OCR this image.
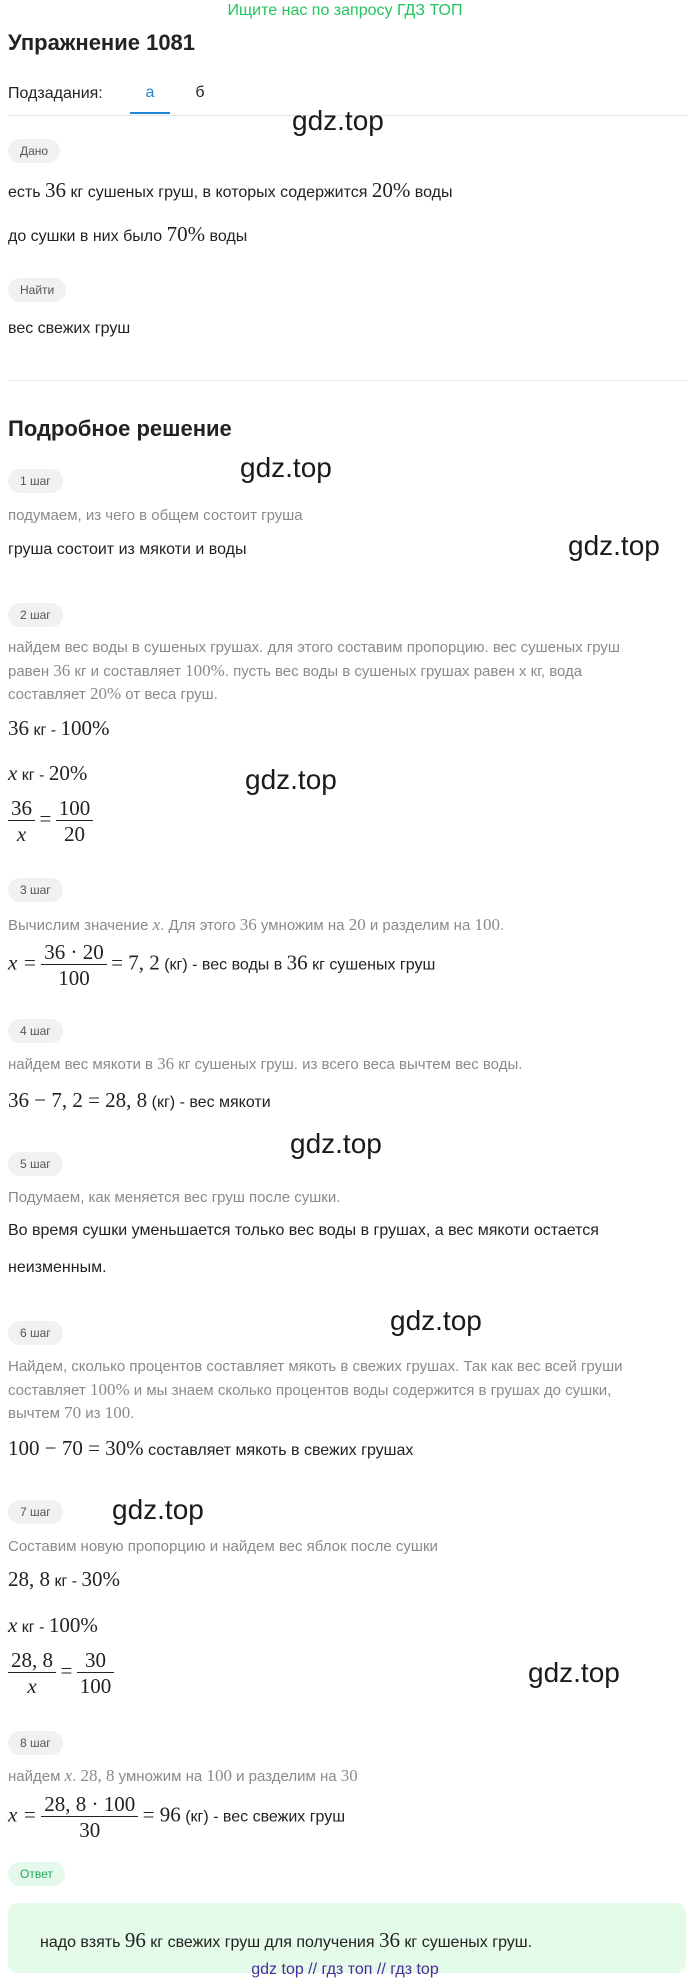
Ищите нас по запросу ГДЗ ТОП
Упражнение 1081
Подзадания:	а	б
Дано
есть 36 кг сушеных груш, в которых содержится 20% воды
до сушки в них было 70% воды
Найти
вес свежих груш
Подробное решение
1 шаг
подумаем, из чего в общем состоит груша
груша состоит из мякоти и воды
2 шаг
найдем вес воды в сушеных грушах. для этого составим пропорцию. вес сушеных груш
равен 36 кг и составляет 100%. пусть вес воды в сушеных грушах равен х кг, вода
составляет 20% от веса груш.
36 кг - 100%
x кг - 20%
$\frac{36}{x} = \frac{100}{20}$
3 шаг
Вычислим значение x. Для этого 36 умножим на 20 и разделим на 100.
$x = \frac{36 \cdot 20}{100} = 7$, 2 (кг) - вес воды в 36 кг сушеных груш
4 шаг
найдем вес мякоти в 36 кг сушеных груш. из всего веса вычтем вес воды.
36 − 7, 2 = 28, 8 (кг) - вес мякоти
5 шаг
Подумаем, как меняется вес груш после сушки.
Во время сушки уменьшается только вес воды в грушах, а вес мякоти остается
неизменным.
6 шаг
Найдем, сколько процентов составляет мякоть в свежих грушах. Так как вес всей груши
составляет 100% и мы знаем сколько процентов воды содержится в грушах до сушки,
вычтем 70 из 100.
100 − 70 = 30% составляет мякоть в свежих грушах
7 шаг
Составим новую пропорцию и найдем вес яблок после сушки
28, 8 кг - 30%
x кг - 100%
$\frac{28, 8}{x} = \frac{30}{100}$
8 шаг
найдем x. 28, 8 умножим на 100 и разделим на 30
$x = \frac{28, 8 \cdot 100}{30} = 96$ (кг) - вес свежих груш
Ответ
надо взять 96 кг свежих груш для получения 36 кг сушеных груш.
gdz.top
gdz.top
gdz.top
gdz.top
gdz.top
gdz.top
gdz.top
gdz.top
gdz top // гдз топ // гдз top
